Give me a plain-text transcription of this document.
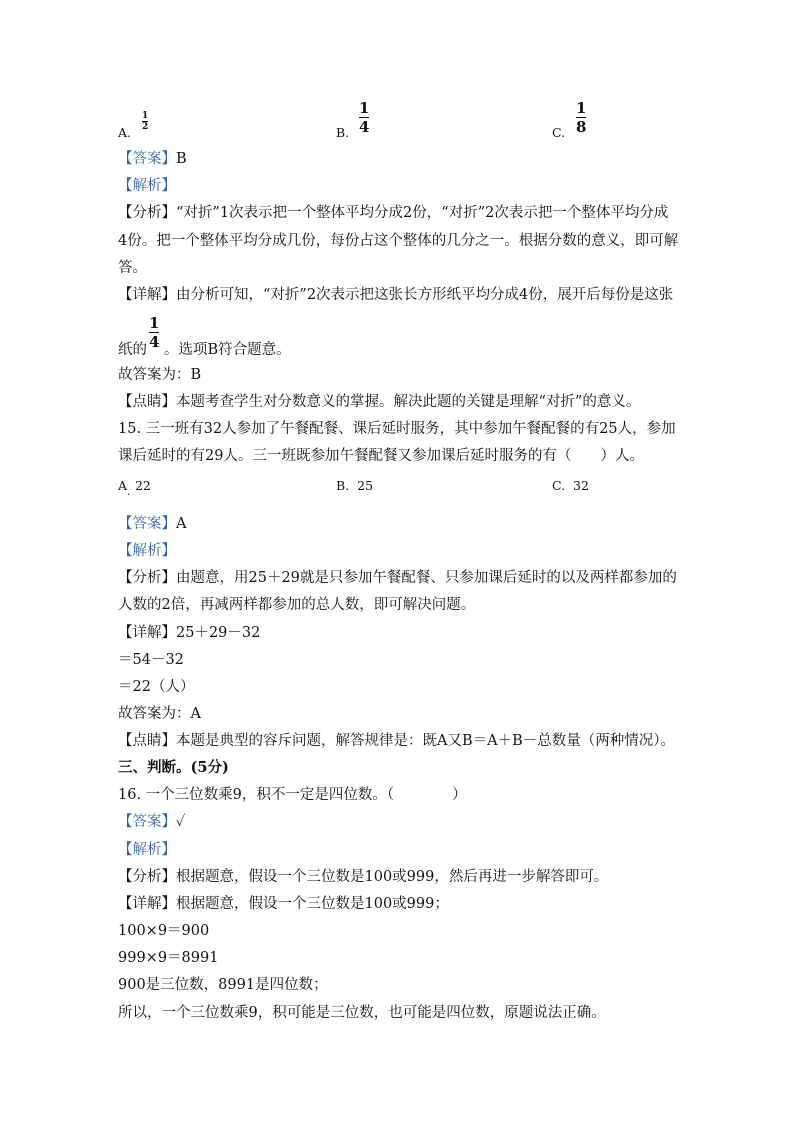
A.
1
2	B.
1
4	C.
1
8
【答案】B
【解析】
【分析】“对折”1次表示把一个整体平均分成2份，“对折”2次表示把一个整体平均分成
4份。把一个整体平均分成几份，每份占这个整体的几分之一。根据分数的意义，即可解
答。
【详解】由分析可知，“对折”2次表示把这张长方形纸平均分成4份，展开后每份是这张
1
4
纸的 。选项B符合题意。
故答案为：B
【点睛】本题考查学生对分数意义的掌握。解决此题的关键是理解“对折”的意义。
15. 三一班有32人参加了午餐配餐、课后延时服务，其中参加午餐配餐的有25人，参加
课后延时的有29人。三一班既参加午餐配餐又参加课后延时服务的有（　　）人。
A 22
·
B. 25	C. 32
【答案】A
【解析】
【分析】由题意，用25＋29就是只参加午餐配餐、只参加课后延时的以及两样都参加的
人数的2倍，再减两样都参加的总人数，即可解决问题。
【详解】25＋29－32
＝54－32
＝22（人）
故答案为：A
【点睛】本题是典型的容斥问题，解答规律是：既A又B＝A＋B－总数量（两种情况）。
三、判断。(5分)
16. 一个三位数乘9，积不一定是四位数。（　　　　）
【答案】✓
【解析】
【分析】根据题意，假设一个三位数是100或999，然后再进一步解答即可。
【详解】根据题意，假设一个三位数是100或999；
100×9＝900
999×9＝8991
900是三位数，8991是四位数；
所以，一个三位数乘9，积可能是三位数，也可能是四位数，原题说法正确。
